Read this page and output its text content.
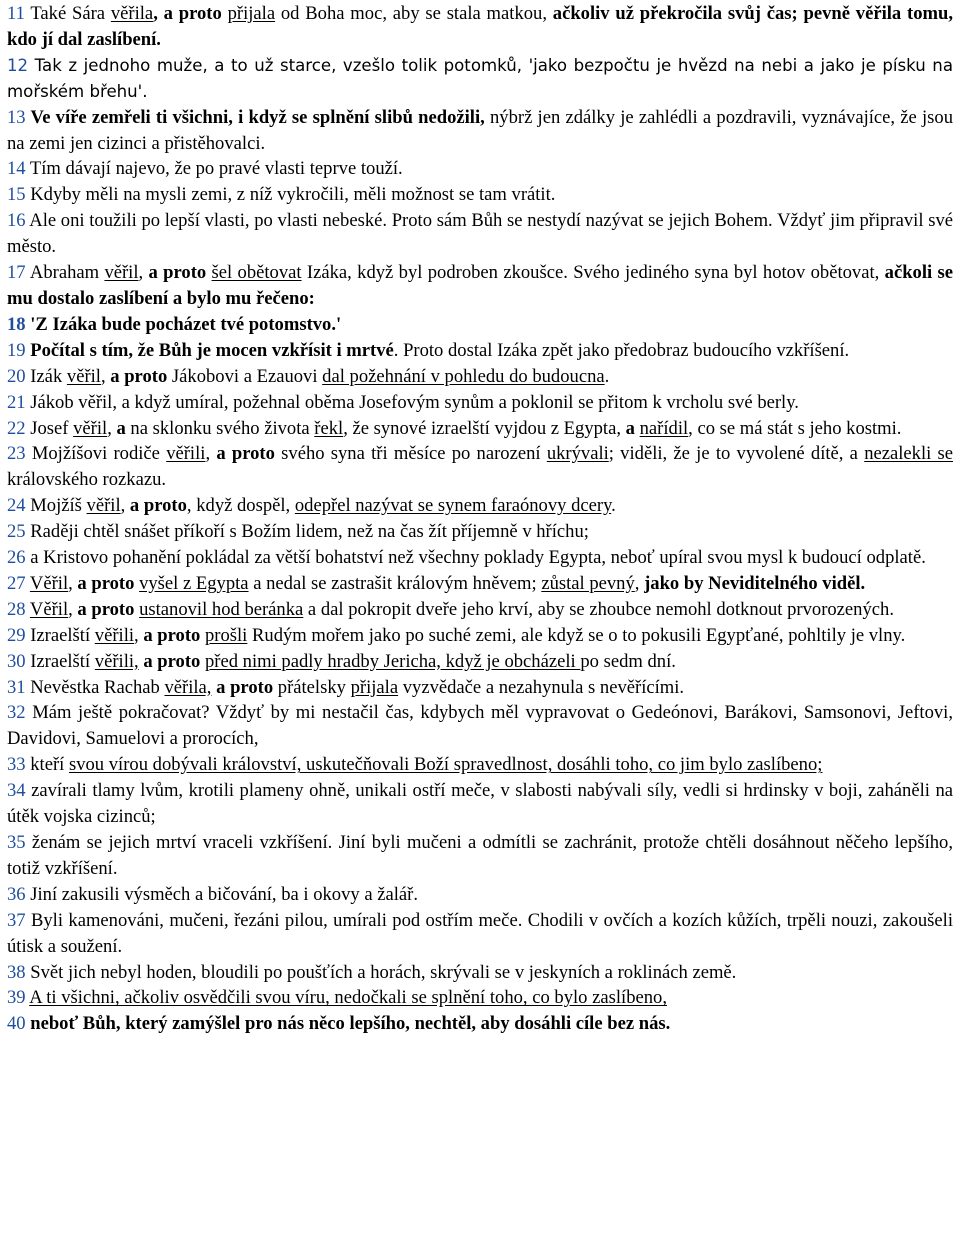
11 Také Sára věřila, a proto přijala od Boha moc, aby se stala matkou, ačkoliv už překročila svůj čas; pevně věřila tomu, kdo jí dal zaslíbení.

12 Tak z jednoho muže, a to už starce, vzešlo tolik potomků, 'jako bezpočtu je hvězd na nebi a jako je písku na mořském břehu'.

13 Ve víře zemřeli ti všichni, i když se splnění slibů nedožili, nýbrž jen zdálky je zahlédli a pozdravili, vyznávajíce, že jsou na zemi jen cizinci a přistěhovalci.

14 Tím dávají najevo, že po pravé vlasti teprve touží.

15 Kdyby měli na mysli zemi, z níž vykročili, měli možnost se tam vrátit.

16 Ale oni toužili po lepší vlasti, po vlasti nebeské. Proto sám Bůh se nestydí nazývat se jejich Bohem. Vždyť jim připravil své město.

17 Abraham věřil, a proto šel obětovat Izáka, když byl podroben zkoušce. Svého jediného syna byl hotov obětovat, ačkoli se mu dostalo zaslíbení a bylo mu řečeno:

18 'Z Izáka bude pocházet tvé potomstvo.'

19 Počítal s tím, že Bůh je mocen vzkřísit i mrtvé. Proto dostal Izáka zpět jako předobraz budoucího vzkříšení.

20 Izák věřil, a proto Jákobovi a Ezauovi dal požehnání v pohledu do budoucna.

21 Jákob věřil, a když umíral, požehnal oběma Josefovým synům a poklonil se přitom k vrcholu své berly.

22 Josef věřil, a na sklonku svého života řekl, že synové izraelští vyjdou z Egypta, a nařídil, co se má stát s jeho kostmi.

23 Mojžíšovi rodiče věřili, a proto svého syna tři měsíce po narození ukrývali; viděli, že je to vyvolené dítě, a nezalekli se královského rozkazu.

24 Mojžíš věřil, a proto, když dospěl, odepřel nazývat se synem faraónovy dcery.

25 Raději chtěl snášet příkoří s Božím lidem, než na čas žít příjemně v hříchu;

26 a Kristovo pohanění pokládal za větší bohatství než všechny poklady Egypta, neboť upíral svou mysl k budoucí odplatě.

27 Věřil, a proto vyšel z Egypta a nedal se zastrašit královým hněvem; zůstal pevný, jako by Neviditelného viděl.

28 Věřil, a proto ustanovil hod beránka a dal pokropit dveře jeho krví, aby se zhoubce nemohl dotknout prvorozených.

29 Izraelští věřili, a proto prošli Rudým mořem jako po suché zemi, ale když se o to pokusili Egypťané, pohltily je vlny.

30 Izraelští věřili, a proto před nimi padly hradby Jericha, když je obcházeli po sedm dní.

31 Nevěstka Rachab věřila, a proto přátelsky přijala vyzvědače a nezahynula s nevěřícími.

32 Mám ještě pokračovat? Vždyť by mi nestačil čas, kdybych měl vypravovat o Gedeónovi, Barákovi, Samsonovi, Jeftovi, Davidovi, Samuelovi a prorocích,

33 kteří svou vírou dobývali království, uskutečňovali Boží spravedlnost, dosáhli toho, co jim bylo zaslíbeno;

34 zavírali tlamy lvům, krotili plameny ohně, unikali ostří meče, v slabosti nabývali síly, vedli si hrdinsky v boji, zaháněli na útěk vojska cizinců;

35 ženám se jejich mrtví vraceli vzkříšení. Jiní byli mučeni a odmítli se zachránit, protože chtěli dosáhnout něčeho lepšího, totiž vzkříšení.

36 Jiní zakusili výsměch a bičování, ba i okovy a žalář.

37 Byli kamenováni, mučeni, řezáni pilou, umírali pod ostřím meče. Chodili v ovčích a kozích kůžích, trpěli nouzi, zakoušeli útisk a soužení.

38 Svět jich nebyl hoden, bloudili po poušťích a horách, skrývali se v jeskyních a roklinách země.

39 A ti všichni, ačkoliv osvědčili svou víru, nedočkali se splnění toho, co bylo zaslíbeno,

40 neboť Bůh, který zamýšlel pro nás něco lepšího, nechtěl, aby dosáhli cíle bez nás.
